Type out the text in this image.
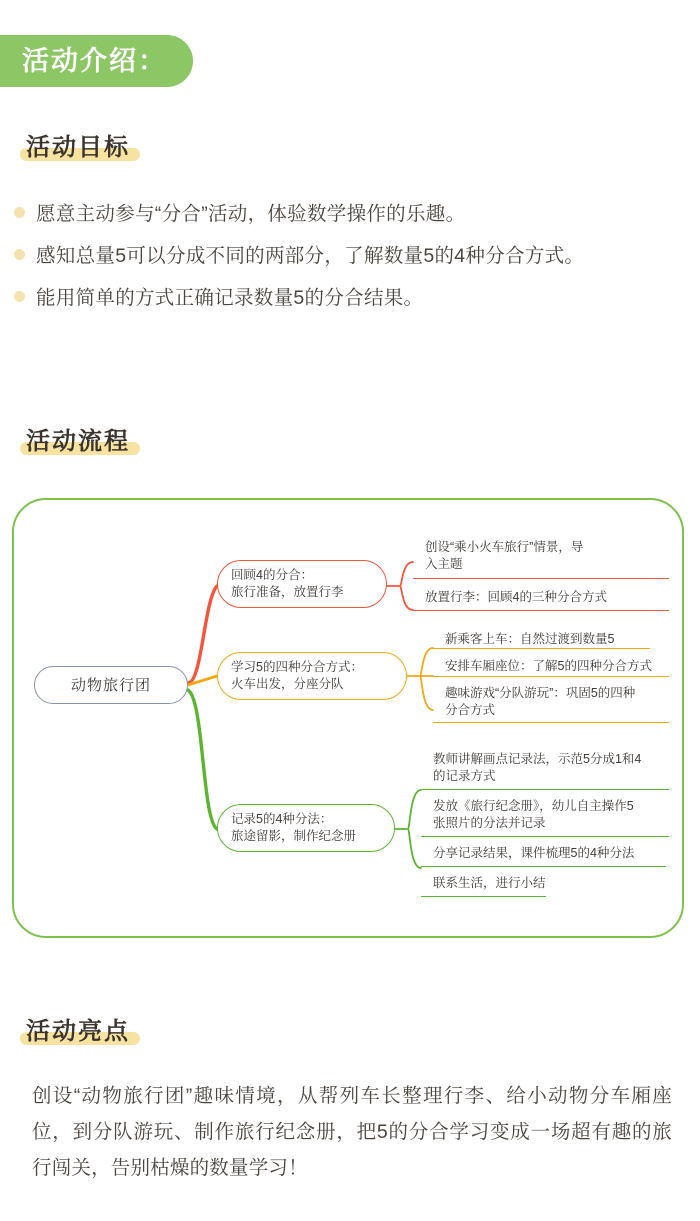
活动介绍：
活动目标
愿意主动参与“分合”活动，体验数学操作的乐趣。
感知总量5可以分成不同的两部分，了解数量5的4种分合方式。
能用简单的方式正确记录数量5的分合结果。
活动流程
动物旅行团
回顾4的分合：
旅行准备，放置行李
创设“乘小火车旅行”情景，导
入主题
放置行李：回顾4的三种分合方式
学习5的四种分合方式：
火车出发，分座分队
新乘客上车：自然过渡到数量5
安排车厢座位：了解5的四种分合方式
趣味游戏“分队游玩”：巩固5的四种
分合方式
记录5的4种分法：
旅途留影，制作纪念册
教师讲解画点记录法，示范5分成1和4
的记录方式
发放《旅行纪念册》，幼儿自主操作5
张照片的分法并记录
分享记录结果，课件梳理5的4种分法
联系生活，进行小结
活动亮点
创设“动物旅行团”趣味情境，从帮列车长整理行李、给小动物分车厢座位，到分队游玩、制作旅行纪念册，把5的分合学习变成一场超有趣的旅行闯关，告别枯燥的数量学习！
